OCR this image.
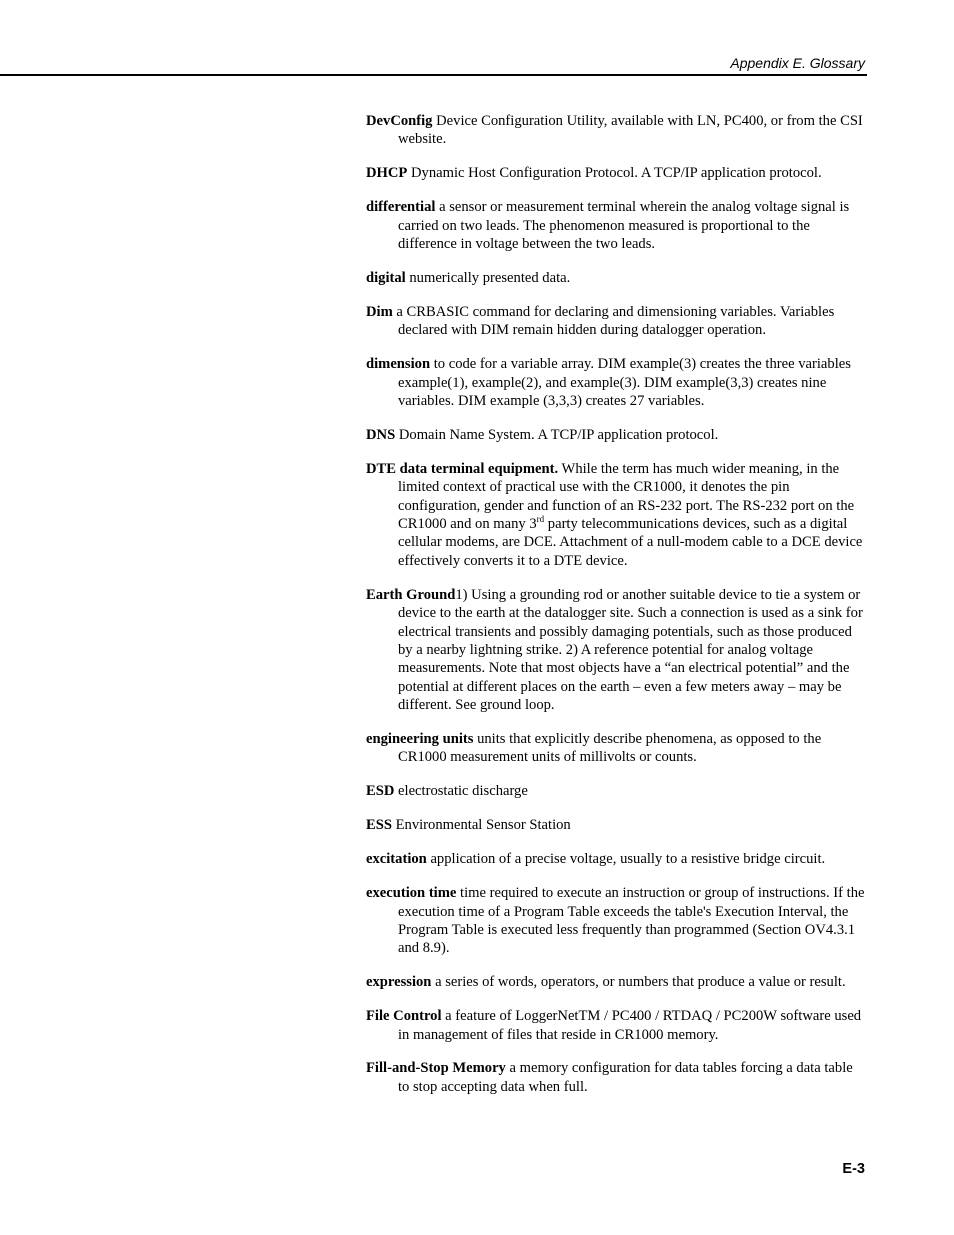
Appendix E. Glossary

DevConfig Device Configuration Utility, available with LN, PC400, or from the CSI website.

DHCP Dynamic Host Configuration Protocol. A TCP/IP application protocol.

differential a sensor or measurement terminal wherein the analog voltage signal is carried on two leads. The phenomenon measured is proportional to the difference in voltage between the two leads.

digital numerically presented data.

Dim a CRBASIC command for declaring and dimensioning variables. Variables declared with DIM remain hidden during datalogger operation.

dimension to code for a variable array. DIM example(3) creates the three variables example(1), example(2), and example(3). DIM example(3,3) creates nine variables. DIM example (3,3,3) creates 27 variables.

DNS Domain Name System. A TCP/IP application protocol.

DTE data terminal equipment. While the term has much wider meaning, in the limited context of practical use with the CR1000, it denotes the pin configuration, gender and function of an RS-232 port. The RS-232 port on the CR1000 and on many 3rd party telecommunications devices, such as a digital cellular modems, are DCE. Attachment of a null-modem cable to a DCE device effectively converts it to a DTE device.

Earth Ground1) Using a grounding rod or another suitable device to tie a system or device to the earth at the datalogger site. Such a connection is used as a sink for electrical transients and possibly damaging potentials, such as those produced by a nearby lightning strike. 2) A reference potential for analog voltage measurements. Note that most objects have a “an electrical potential” and the potential at different places on the earth – even a few meters away – may be different. See ground loop.

engineering units units that explicitly describe phenomena, as opposed to the CR1000 measurement units of millivolts or counts.

ESD electrostatic discharge

ESS Environmental Sensor Station

excitation application of a precise voltage, usually to a resistive bridge circuit.

execution time time required to execute an instruction or group of instructions. If the execution time of a Program Table exceeds the table's Execution Interval, the Program Table is executed less frequently than programmed (Section OV4.3.1 and 8.9).

expression a series of words, operators, or numbers that produce a value or result.

File Control a feature of LoggerNetTM / PC400 / RTDAQ / PC200W software used in management of files that reside in CR1000 memory.

Fill-and-Stop Memory a memory configuration for data tables forcing a data table to stop accepting data when full.

E-3
